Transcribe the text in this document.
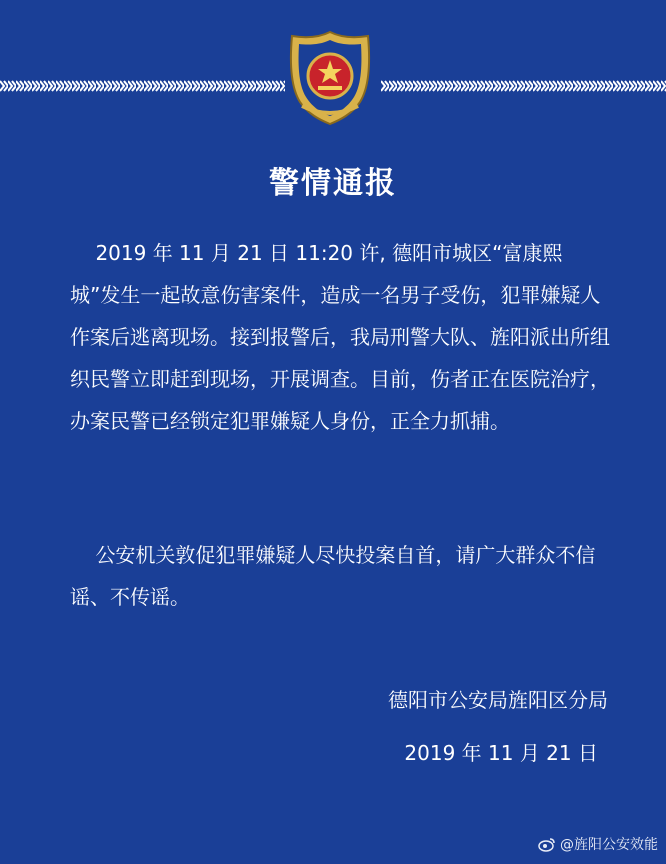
警情通报
2019 年 11 月 21 日 11:20 许, 德阳市城区“富康熙城”发生一起故意伤害案件，造成一名男子受伤，犯罪嫌疑人作案后逃离现场。接到报警后，我局刑警大队、旌阳派出所组织民警立即赶到现场，开展调查。目前，伤者正在医院治疗，  办案民警已经锁定犯罪嫌疑人身份，正全力抓捕。
公安机关敦促犯罪嫌疑人尽快投案自首，请广大群众不信谣、不传谣。
德阳市公安局旌阳区分局
2019 年 11 月 21 日
@旌阳公安效能
